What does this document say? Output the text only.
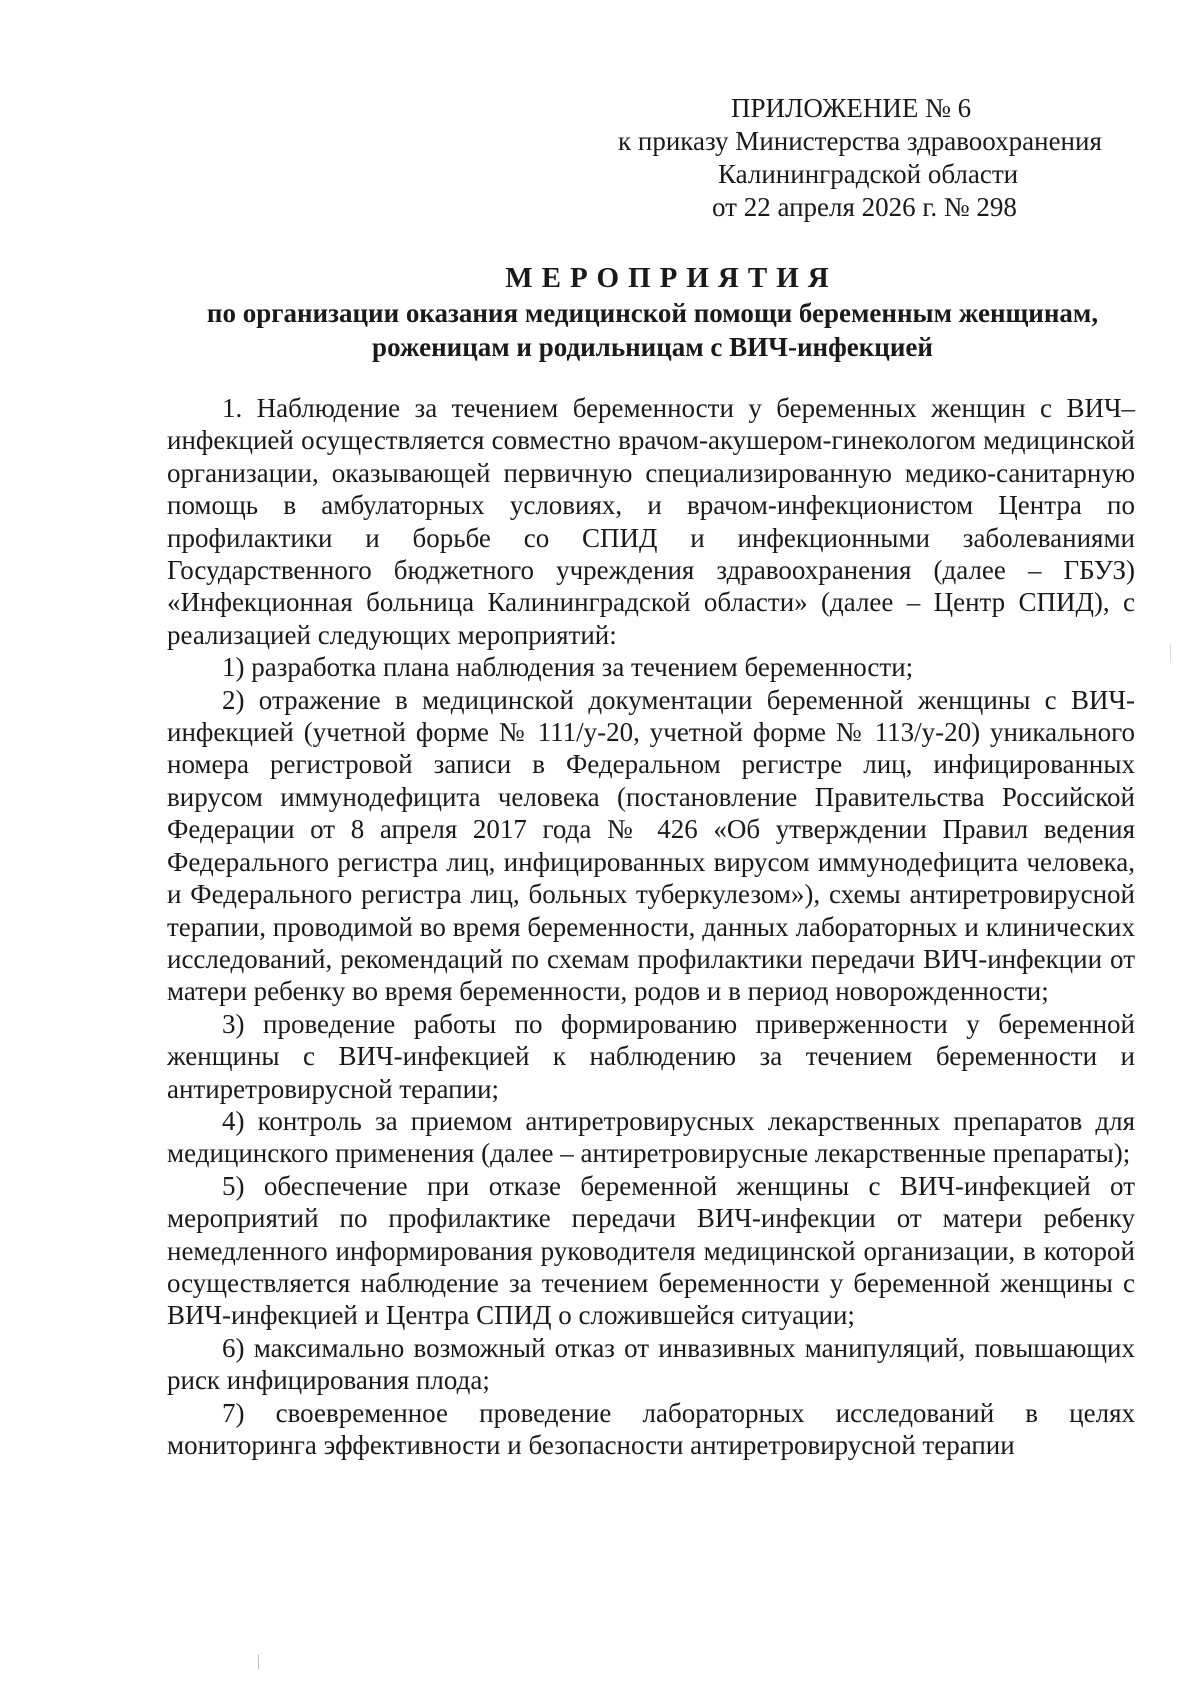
ПРИЛОЖЕНИЕ № 6
к приказу Министерства здравоохранения
Калининградской области
от 22 апреля 2026 г. № 298
МЕРОПРИЯТИЯ
по организации оказания медицинской помощи беременным женщинам,
роженицам и родильницам с ВИЧ-инфекцией

1. Наблюдение за течением беременности у беременных женщин с ВИЧ–инфекцией осуществляется совместно врачом-акушером-гинекологом медицинской организации, оказывающей первичную специализированную медико-санитарную помощь в амбулаторных условиях, и врачом-инфекционистом Центра по профилактики и борьбе со СПИД и инфекционными заболеваниями Государственного бюджетного учреждения здравоохранения (далее – ГБУЗ) «Инфекционная больница Калининградской области» (далее – Центр СПИД), с реализацией следующих мероприятий:

1) разработка плана наблюдения за течением беременности;

2) отражение в медицинской документации беременной женщины с ВИЧ-инфекцией (учетной форме № 111/у-20, учетной форме № 113/у-20) уникального номера регистровой записи в Федеральном регистре лиц, инфицированных вирусом иммунодефицита человека (постановление Правительства Российской Федерации от 8 апреля 2017 года № 426 «Об утверждении Правил ведения Федерального регистра лиц, инфицированных вирусом иммунодефицита человека, и Федерального регистра лиц, больных туберкулезом»), схемы антиретровирусной терапии, проводимой во время беременности, данных лабораторных и клинических исследований, рекомендаций по схемам профилактики передачи ВИЧ-инфекции от матери ребенку во время беременности, родов и в период новорожденности;

3) проведение работы по формированию приверженности у беременной женщины с ВИЧ-инфекцией к наблюдению за течением беременности и антиретровирусной терапии;

4) контроль за приемом антиретровирусных лекарственных препаратов для медицинского применения (далее – антиретровирусные лекарственные препараты);

5) обеспечение при отказе беременной женщины с ВИЧ-инфекцией от мероприятий по профилактике передачи ВИЧ-инфекции от матери ребенку немедленного информирования руководителя медицинской организации, в которой осуществляется наблюдение за течением беременности у беременной женщины с ВИЧ-инфекцией и Центра СПИД о сложившейся ситуации;

6) максимально возможный отказ от инвазивных манипуляций, повышающих риск инфицирования плода;

7) своевременное проведение лабораторных исследований в целях мониторинга эффективности и безопасности антиретровирусной терапии
